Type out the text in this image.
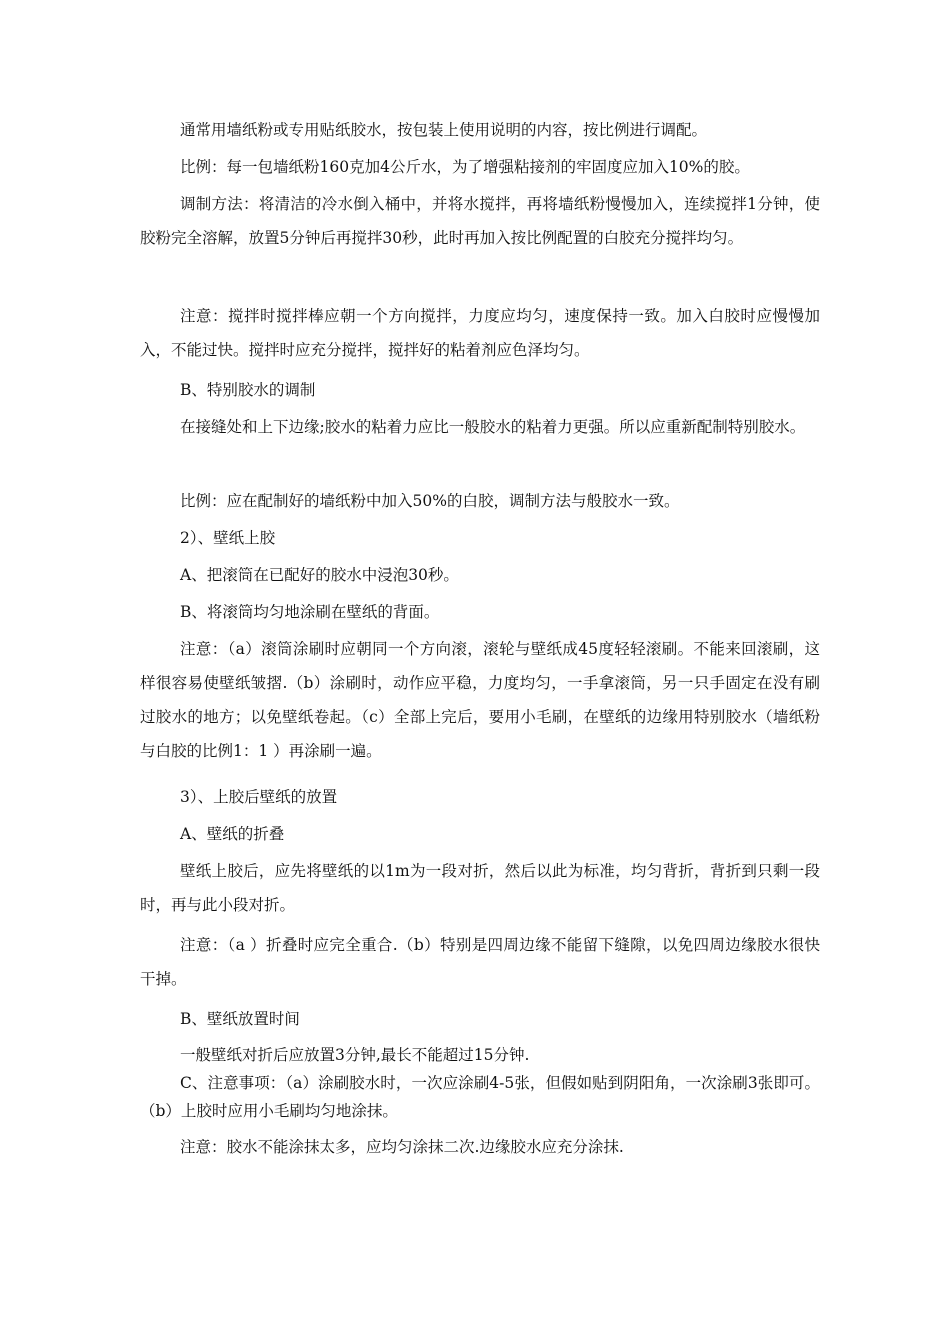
通常用墙纸粉或专用贴纸胶水，按包装上使用说明的内容，按比例进行调配。

比例：每一包墙纸粉160克加4公斤水，为了增强粘接剂的牢固度应加入10%的胶。

调制方法：将清洁的冷水倒入桶中，并将水搅拌，再将墙纸粉慢慢加入，连续搅拌1分钟，使胶粉完全溶解，放置5分钟后再搅拌30秒，此时再加入按比例配置的白胶充分搅拌均匀。

注意：搅拌时搅拌棒应朝一个方向搅拌，力度应均匀，速度保持一致。加入白胶时应慢慢加入，不能过快。搅拌时应充分搅拌，搅拌好的粘着剂应色泽均匀。

B、特别胶水的调制

在接缝处和上下边缘;胶水的粘着力应比一般胶水的粘着力更强。所以应重新配制特别胶水。

比例：应在配制好的墙纸粉中加入50%的白胶，调制方法与般胶水一致。

2）、壁纸上胶

A、把滚筒在已配好的胶水中浸泡30秒。

B、将滚筒均匀地涂刷在壁纸的背面。

注意：（a）滚筒涂刷时应朝同一个方向滚，滚轮与壁纸成45度轻轻滚刷。不能来回滚刷，这样很容易使壁纸皱摺.（b）涂刷时，动作应平稳，力度均匀，一手拿滚筒，另一只手固定在没有刷过胶水的地方；以免壁纸卷起。（c）全部上完后，要用小毛刷，在壁纸的边缘用特别胶水（墙纸粉与白胶的比例1：1 ）再涂刷一遍。

3）、上胶后壁纸的放置

A、壁纸的折叠

壁纸上胶后，应先将壁纸的以1m为一段对折，然后以此为标准，均匀背折，背折到只剩一段时，再与此小段对折。

注意：（a ）折叠时应完全重合.（b）特别是四周边缘不能留下缝隙，以免四周边缘胶水很快干掉。

B、壁纸放置时间

一般壁纸对折后应放置3分钟,最长不能超过15分钟.

C、注意事项：（a）涂刷胶水时，一次应涂刷4-5张，但假如贴到阴阳角，一次涂刷3张即可。（b）上胶时应用小毛刷均匀地涂抹。

注意：胶水不能涂抹太多，应均匀涂抹二次.边缘胶水应充分涂抹.
